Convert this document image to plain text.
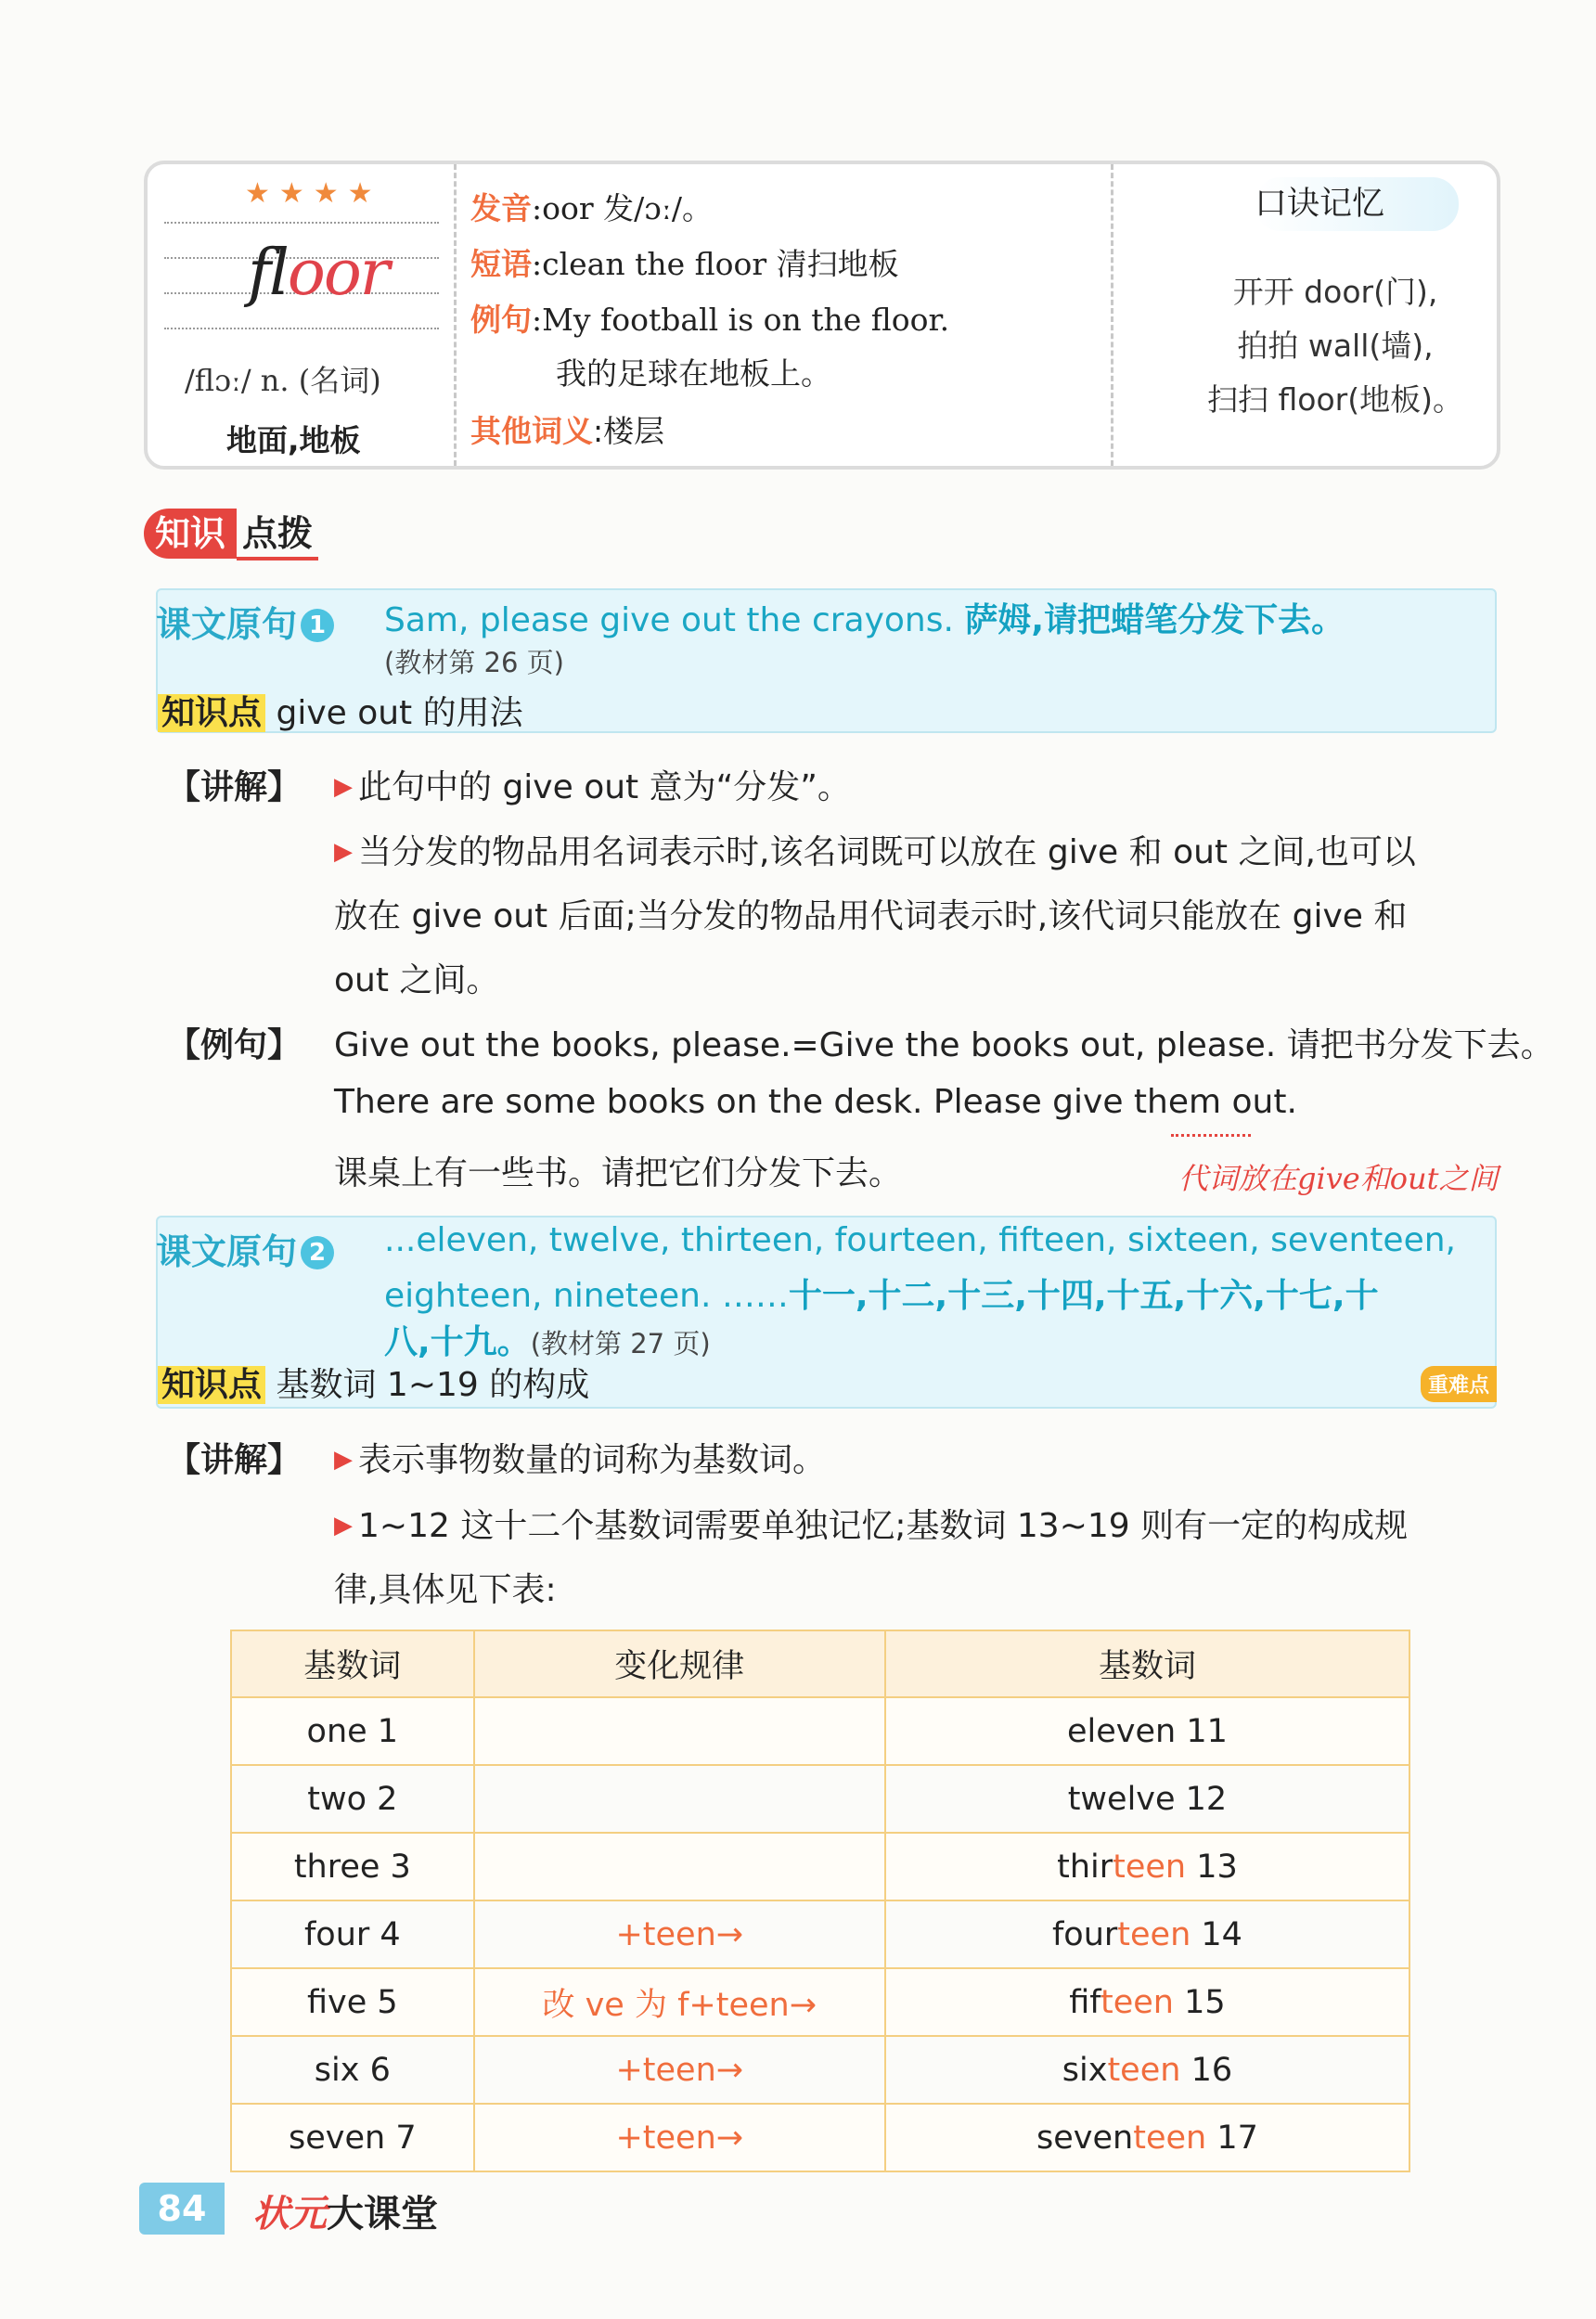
★★★★
floor
/flɔː/ n. (名词)
地面,地板
发音:oor 发/ɔː/。
短语:clean the floor 清扫地板
例句:My football is on the floor.
我的足球在地板上。
其他词义:楼层
口诀记忆
开开 door(门),
拍拍 wall(墙),
扫扫 floor(地板)。
知识 点拨
课文原句 1 Sam, please give out the crayons. 萨姆,请把蜡笔分发下去。
(教材第 26 页)
知识点 give out 的用法
【讲解】 ▶ 此句中的 give out 意为“分发”。
▶ 当分发的物品用名词表示时,该名词既可以放在 give 和 out 之间,也可以
放在 give out 后面;当分发的物品用代词表示时,该代词只能放在 give 和
out 之间。
【例句】 Give out the books, please.=Give the books out, please. 请把书分发下去。
There are some books on the desk. Please give them out.
课桌上有一些书。请把它们分发下去。	代词放在give和out之间
课文原句 2 ...eleven, twelve, thirteen, fourteen, fifteen, sixteen, seventeen,
eighteen, nineteen. ……十一,十二,十三,十四,十五,十六,十七,十
八,十九。(教材第 27 页)
知识点 基数词 1~19 的构成	重难点
【讲解】 ▶ 表示事物数量的词称为基数词。
▶ 1~12 这十二个基数词需要单独记忆;基数词 13~19 则有一定的构成规
律,具体见下表:
基数词	变化规律	基数词
one 1		eleven 11
two 2		twelve 12
three 3		thirteen 13
four 4	+teen→	fourteen 14
five 5	改 ve 为 f+teen→	fifteen 15
six 6	+teen→	sixteen 16
seven 7	+teen→	seventeen 17
84	状元大课堂
